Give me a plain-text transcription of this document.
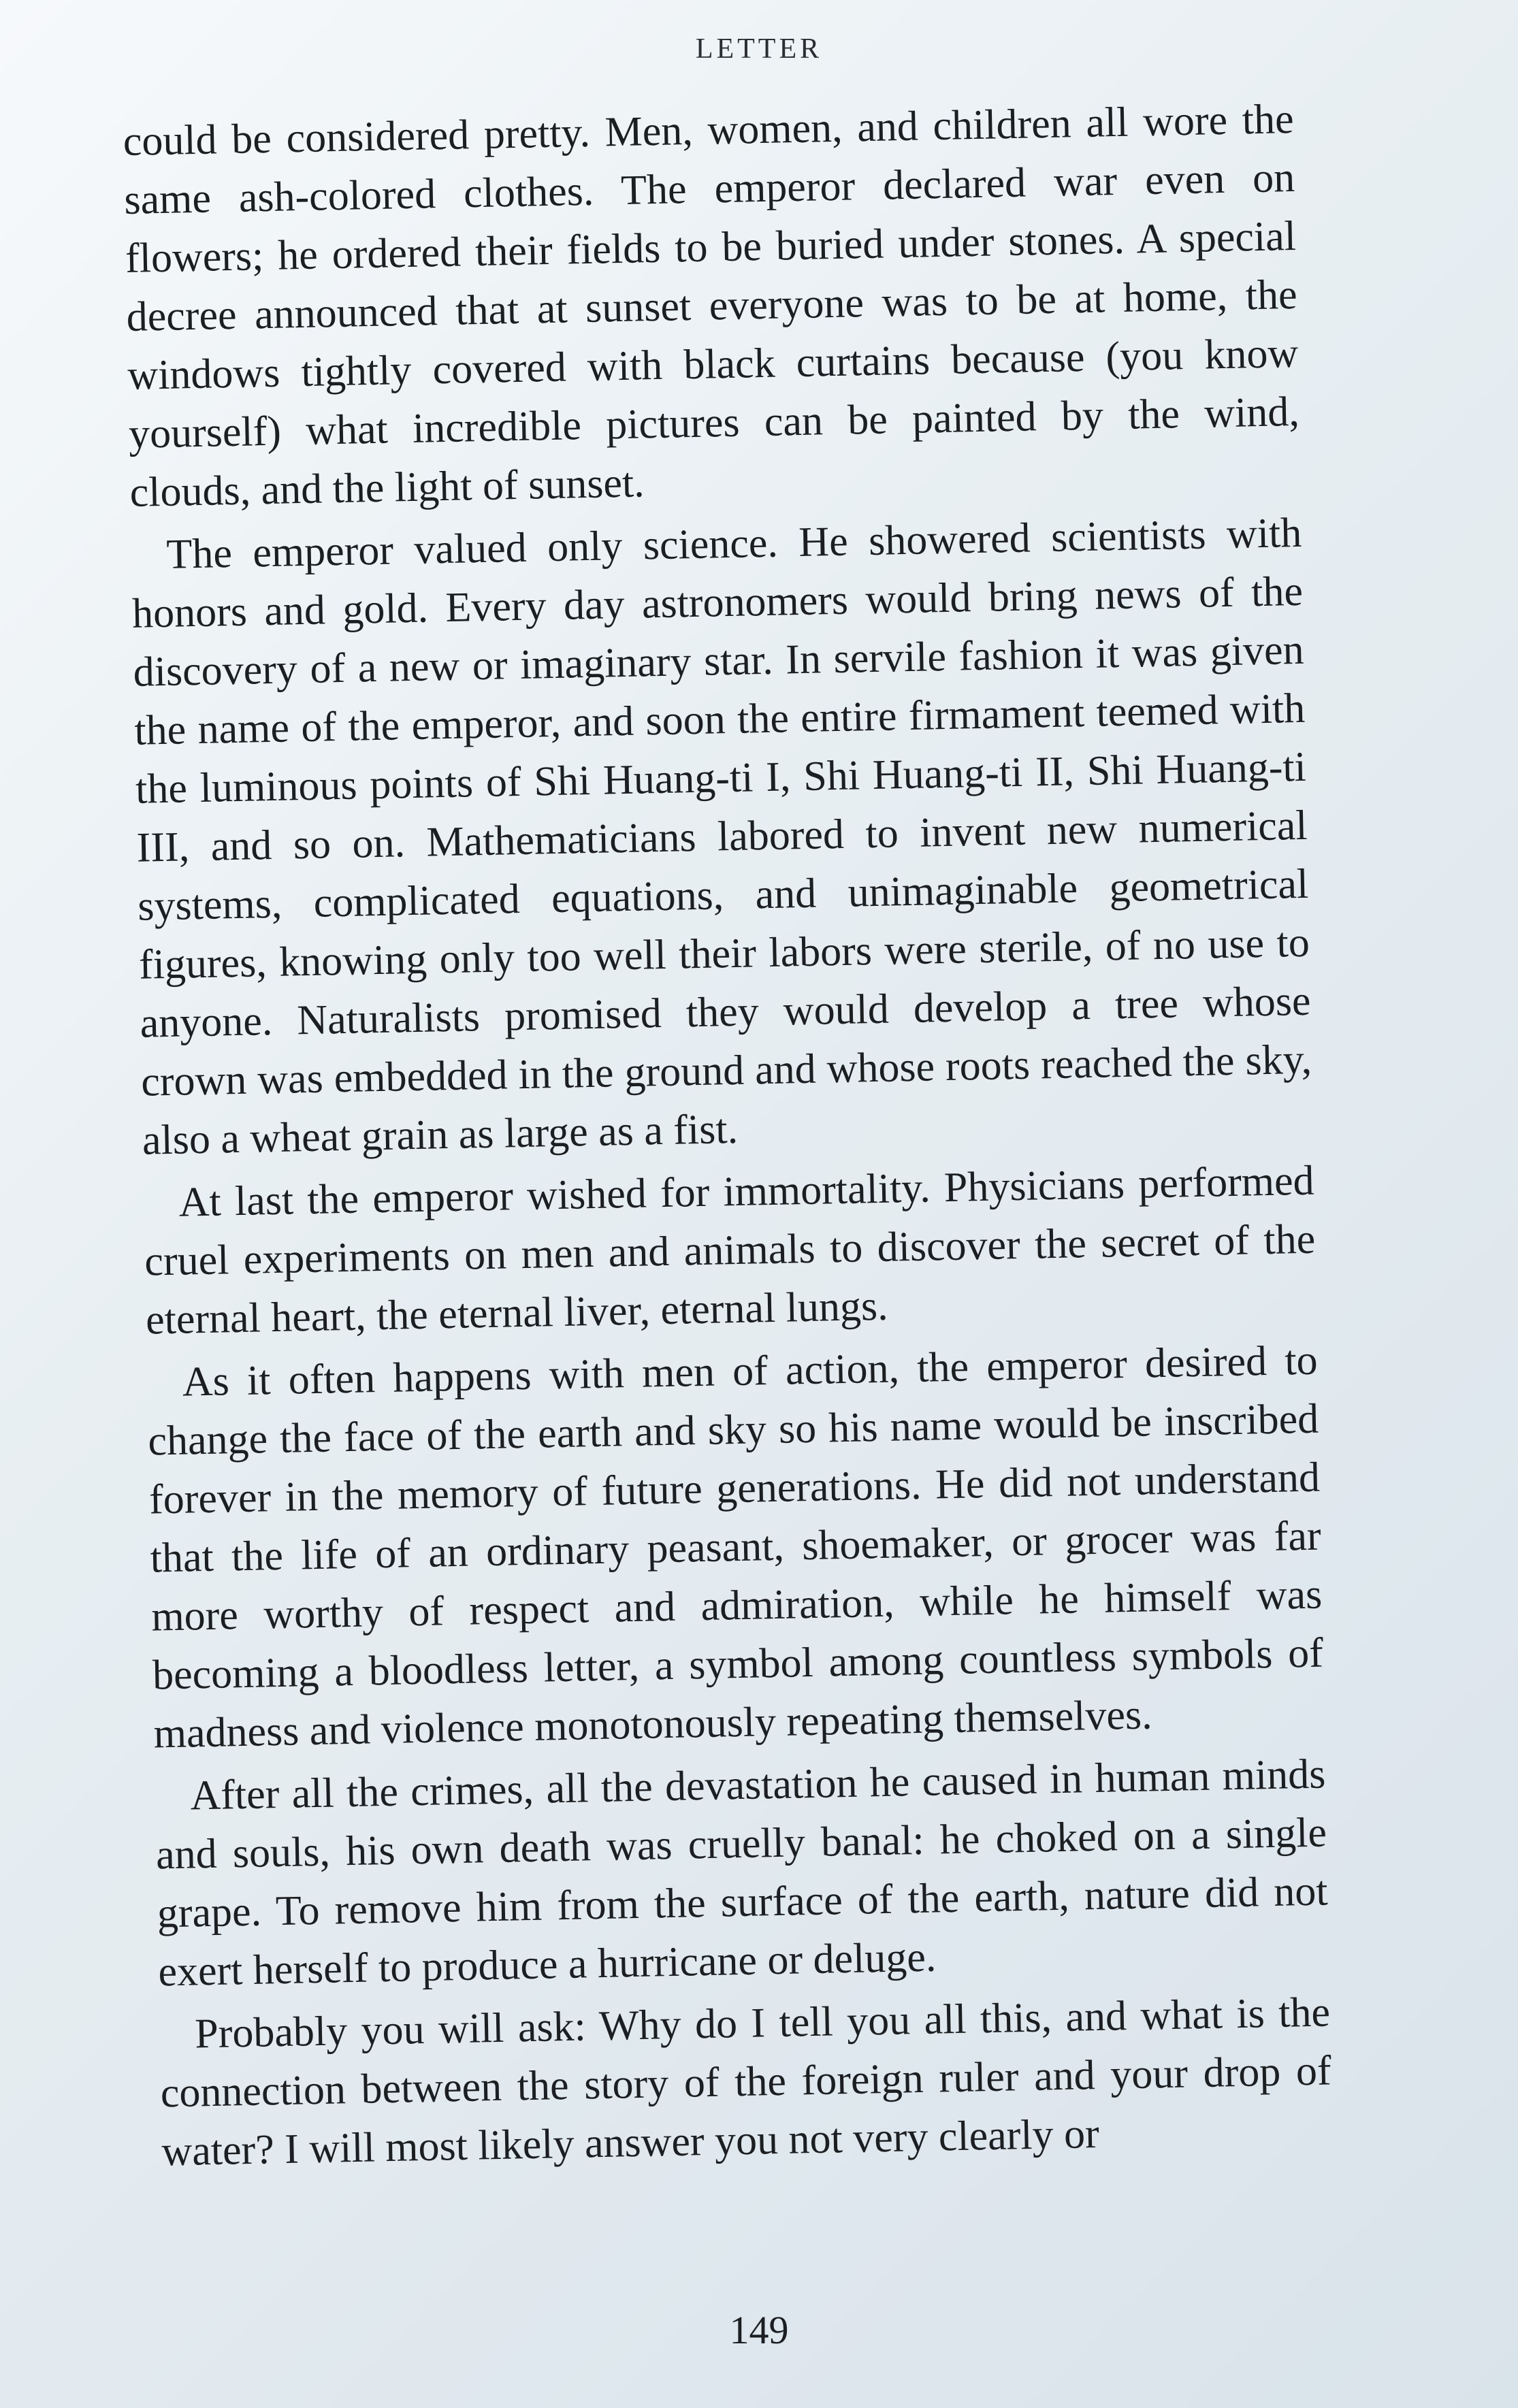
LETTER

could be considered pretty. Men, women, and children all wore the same ash-colored clothes. The emperor declared war even on flowers; he ordered their fields to be buried under stones. A special decree announced that at sunset everyone was to be at home, the windows tightly covered with black curtains because (you know yourself) what incredible pictures can be painted by the wind, clouds, and the light of sunset.

The emperor valued only science. He showered scientists with honors and gold. Every day astronomers would bring news of the discovery of a new or imaginary star. In servile fashion it was given the name of the emperor, and soon the entire firmament teemed with the luminous points of Shi Huang-ti I, Shi Huang-ti II, Shi Huang-ti III, and so on. Mathematicians labored to invent new numerical systems, complicated equations, and unimaginable geometrical figures, knowing only too well their labors were sterile, of no use to anyone. Naturalists promised they would develop a tree whose crown was embedded in the ground and whose roots reached the sky, also a wheat grain as large as a fist.

At last the emperor wished for immortality. Physicians performed cruel experiments on men and animals to discover the secret of the eternal heart, the eternal liver, eternal lungs.

As it often happens with men of action, the emperor desired to change the face of the earth and sky so his name would be inscribed forever in the memory of future generations. He did not understand that the life of an ordinary peasant, shoemaker, or grocer was far more worthy of respect and admiration, while he himself was becoming a bloodless letter, a symbol among countless symbols of madness and violence monotonously repeating themselves.

After all the crimes, all the devastation he caused in human minds and souls, his own death was cruelly banal: he choked on a single grape. To remove him from the surface of the earth, nature did not exert herself to produce a hurricane or deluge.

Probably you will ask: Why do I tell you all this, and what is the connection between the story of the foreign ruler and your drop of water? I will most likely answer you not very clearly or

149
